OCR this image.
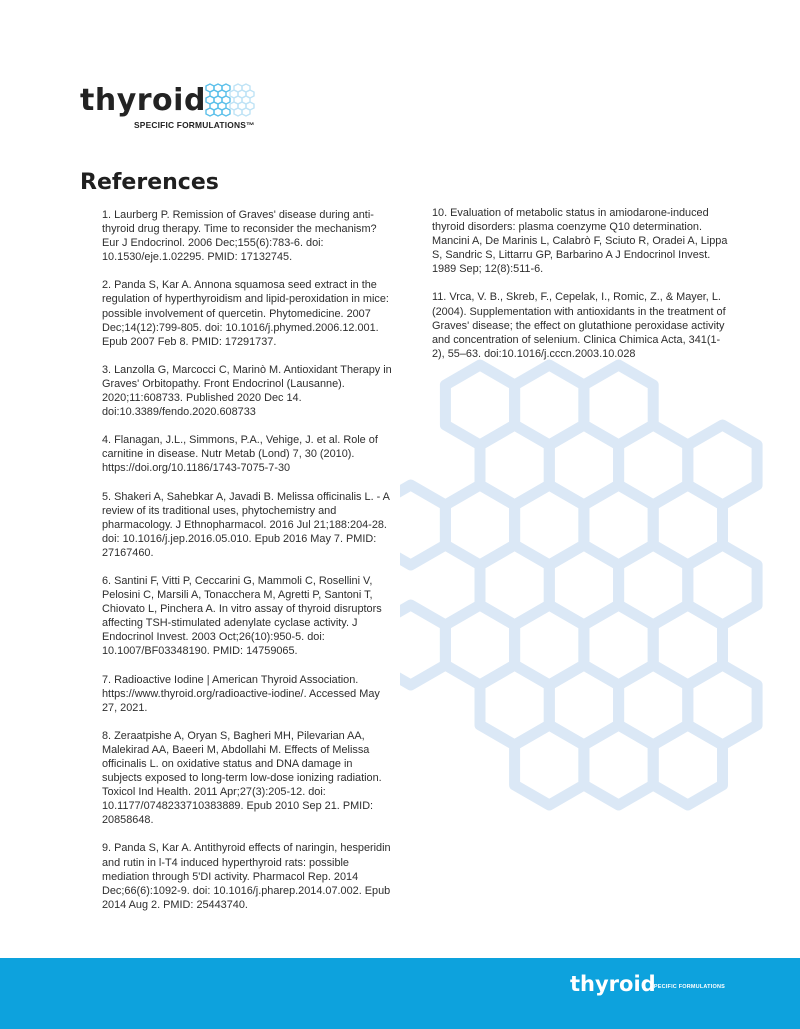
thyroid
SPECIFIC FORMULATIONS™
References

1. Laurberg P. Remission of Graves' disease during anti-thyroid drug therapy. Time to reconsider the mechanism? Eur J Endocrinol. 2006 Dec;155(6):783-6. doi: 10.1530/eje.1.02295. PMID: 17132745.

2. Panda S, Kar A. Annona squamosa seed extract in the regulation of hyperthyroidism and lipid-peroxidation in mice: possible involvement of quercetin. Phytomedicine. 2007 Dec;14(12):799-805. doi: 10.1016/j.phymed.2006.12.001. Epub 2007 Feb 8. PMID: 17291737.

3. Lanzolla G, Marcocci C, Marinò M. Antioxidant Therapy in Graves' Orbitopathy. Front Endocrinol (Lausanne). 2020;11:608733. Published 2020 Dec 14. doi:10.3389/fendo.2020.608733

4. Flanagan, J.L., Simmons, P.A., Vehige, J. et al. Role of carnitine in disease. Nutr Metab (Lond) 7, 30 (2010). https://doi.org/10.1186/1743-7075-7-30

5. Shakeri A, Sahebkar A, Javadi B. Melissa officinalis L. - A review of its traditional uses, phytochemistry and pharmacology. J Ethnopharmacol. 2016 Jul 21;188:204-28. doi: 10.1016/j.jep.2016.05.010. Epub 2016 May 7. PMID: 27167460.

6. Santini F, Vitti P, Ceccarini G, Mammoli C, Rosellini V, Pelosini C, Marsili A, Tonacchera M, Agretti P, Santoni T, Chiovato L, Pinchera A. In vitro assay of thyroid disruptors affecting TSH-stimulated adenylate cyclase activity. J Endocrinol Invest. 2003 Oct;26(10):950-5. doi: 10.1007/BF03348190. PMID: 14759065.

7. Radioactive Iodine | American Thyroid Association. https://www.thyroid.org/radioactive-iodine/. Accessed May 27, 2021.

8. Zeraatpishe A, Oryan S, Bagheri MH, Pilevarian AA, Malekirad AA, Baeeri M, Abdollahi M. Effects of Melissa officinalis L. on oxidative status and DNA damage in subjects exposed to long-term low-dose ionizing radiation. Toxicol Ind Health. 2011 Apr;27(3):205-12. doi: 10.1177/0748233710383889. Epub 2010 Sep 21. PMID: 20858648.

9. Panda S, Kar A. Antithyroid effects of naringin, hesperidin and rutin in l-T4 induced hyperthyroid rats: possible mediation through 5'DI activity. Pharmacol Rep. 2014 Dec;66(6):1092-9. doi: 10.1016/j.pharep.2014.07.002. Epub 2014 Aug 2. PMID: 25443740.

10. Evaluation of metabolic status in amiodarone-induced thyroid disorders: plasma coenzyme Q10 determination. Mancini A, De Marinis L, Calabrò F, Sciuto R, Oradei A, Lippa S, Sandric S, Littarru GP, Barbarino A J Endocrinol Invest. 1989 Sep; 12(8):511-6.

11. Vrca, V. B., Skreb, F., Cepelak, I., Romic, Z., & Mayer, L. (2004). Supplementation with antioxidants in the treatment of Graves' disease; the effect on glutathione peroxidase activity and concentration of selenium. Clinica Chimica Acta, 341(1-2), 55–63. doi:10.1016/j.cccn.2003.10.028

thyroid
SPECIFIC FORMULATIONS
